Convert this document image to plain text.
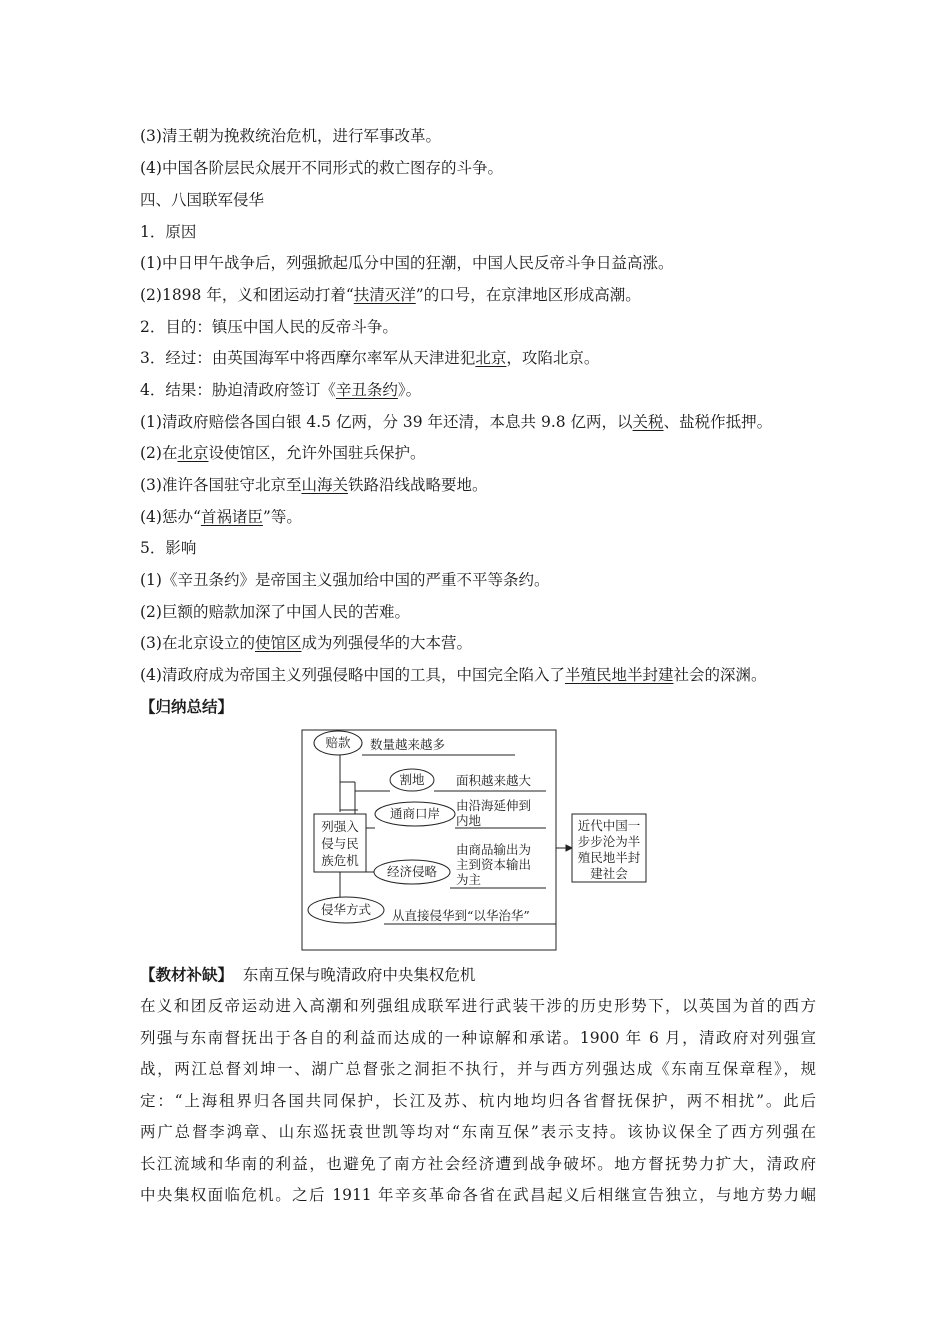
(3)清王朝为挽救统治危机，进行军事改革。
(4)中国各阶层民众展开不同形式的救亡图存的斗争。
四、八国联军侵华
1．原因
(1)中日甲午战争后，列强掀起瓜分中国的狂潮，中国人民反帝斗争日益高涨。
(2)1898 年，义和团运动打着“扶清灭洋”的口号，在京津地区形成高潮。
2．目的：镇压中国人民的反帝斗争。
3．经过：由英国海军中将西摩尔率军从天津进犯北京，攻陷北京。
4．结果：胁迫清政府签订《辛丑条约》。
(1)清政府赔偿各国白银 4.5 亿两，分 39 年还清，本息共 9.8 亿两，以关税、盐税作抵押。
(2)在北京设使馆区，允许外国驻兵保护。
(3)准许各国驻守北京至山海关铁路沿线战略要地。
(4)惩办“首祸诸臣”等。
5．影响
(1)《辛丑条约》是帝国主义强加给中国的严重不平等条约。
(2)巨额的赔款加深了中国人民的苦难。
(3)在北京设立的使馆区成为列强侵华的大本营。
(4)清政府成为帝国主义列强侵略中国的工具，中国完全陷入了半殖民地半封建社会的深渊。
【归纳总结】
赔款 数量越来越多
割地	面积越来越大
通商口岸
由沿海延伸到
内地
列强入
侵与民
族危机
经济侵略
由商品输出为
主到资本输出
为主
侵华方式 从直接侵华到“以华治华”
近代中国一
步步沦为半
殖民地半封
建社会
【教材补缺】 东南互保与晚清政府中央集权危机
在义和团反帝运动进入高潮和列强组成联军进行武装干涉的历史形势下，以英国为首的西方
列强与东南督抚出于各自的利益而达成的一种谅解和承诺。1900 年 6 月，清政府对列强宣
战，两江总督刘坤一、湖广总督张之洞拒不执行，并与西方列强达成《东南互保章程》，规
定：“上海租界归各国共同保护，长江及苏、杭内地均归各省督抚保护，两不相扰”。此后
两广总督李鸿章、山东巡抚袁世凯等均对“东南互保”表示支持。该协议保全了西方列强在
长江流域和华南的利益，也避免了南方社会经济遭到战争破坏。地方督抚势力扩大，清政府
中央集权面临危机。之后 1911 年辛亥革命各省在武昌起义后相继宣告独立，与地方势力崛
